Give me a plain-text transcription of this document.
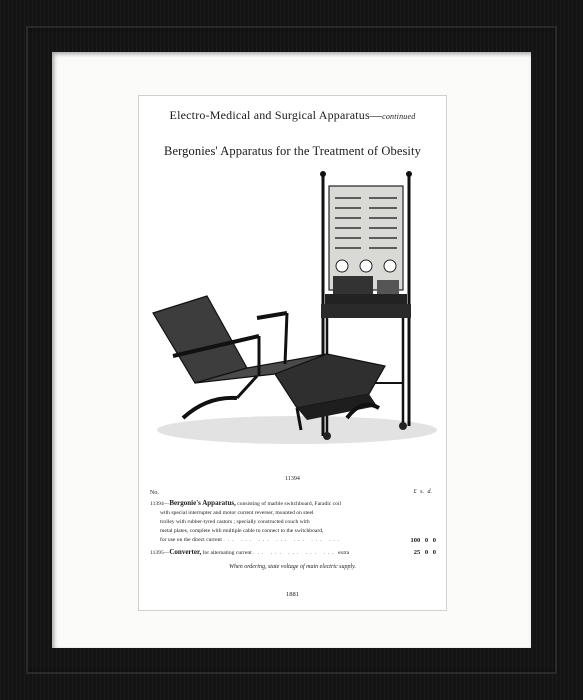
Electro-Medical and Surgical Apparatus—continued
Bergonies' Apparatus for the Treatment of Obesity
11394
No.	£ s. d.
11394—Bergonie's Apparatus, consisting of marble switchboard, Faradic coil
with special interrupter and motor current reverser, mounted on steel
trolley with rubber-tyred castors ; specially constructed couch with
metal plates, complete with multiple cable to connect to the switchboard,
for use on the direct current ... ... ... ... ... ... ...	100 0 0
11395—Converter, for alternating current ... ... ... ... ... extra	25 0 0
When ordering, state voltage of main electric supply.
1881
